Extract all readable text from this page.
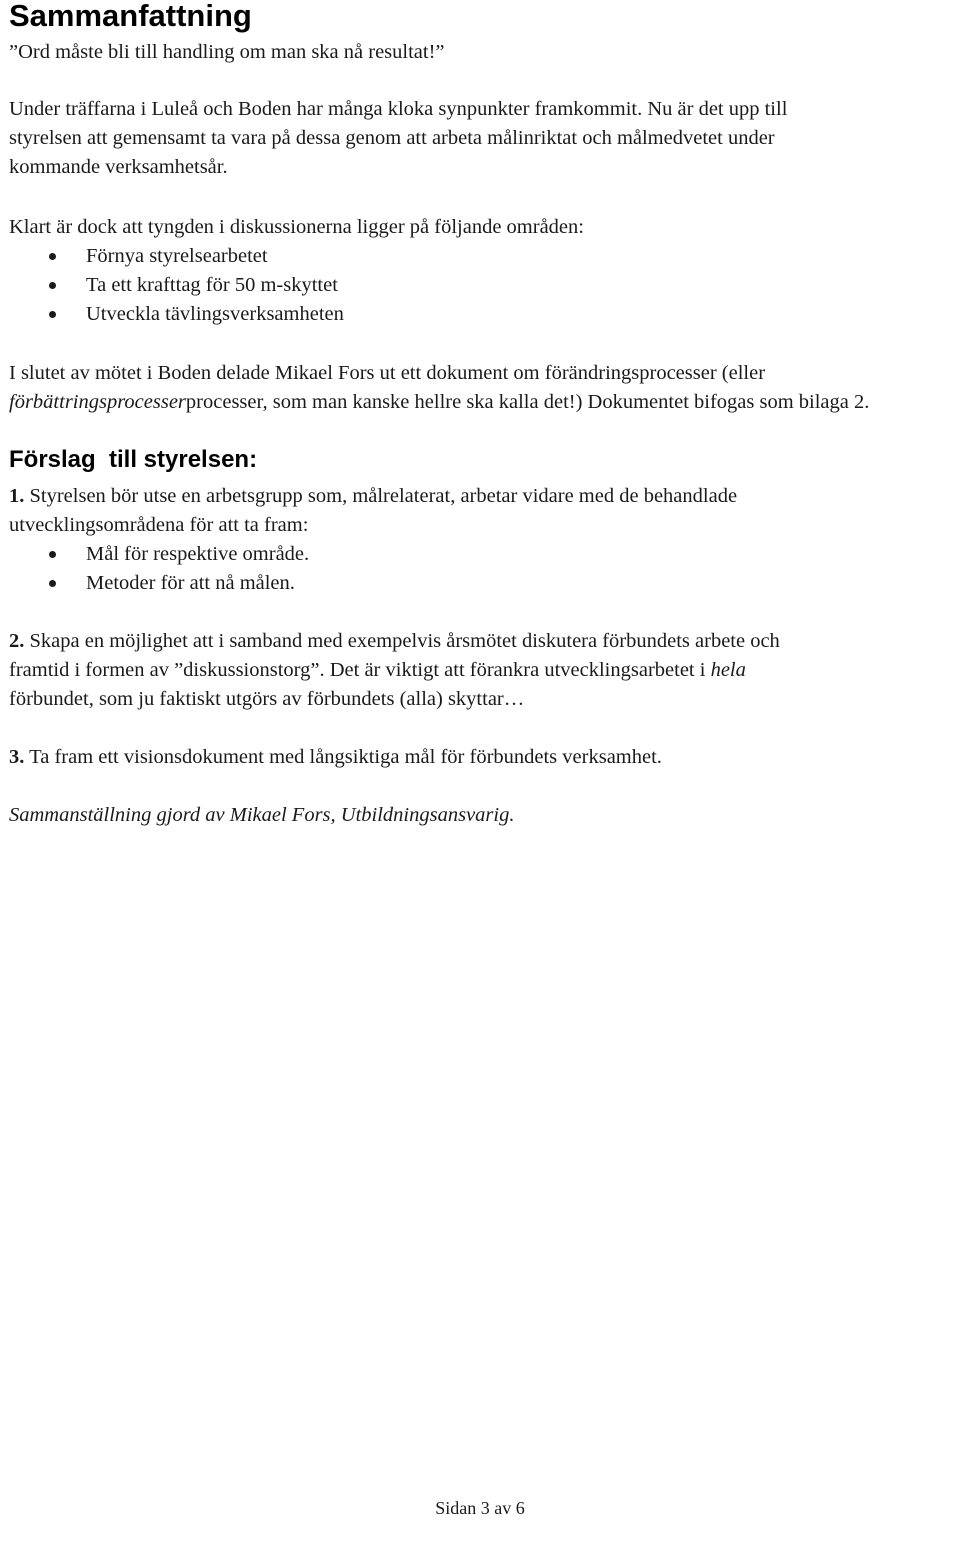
Sammanfattning

”Ord måste bli till handling om man ska nå resultat!”

Under träffarna i Luleå och Boden har många kloka synpunkter framkommit. Nu är det upp till
styrelsen att gemensamt ta vara på dessa genom att arbeta målinriktat och målmedvetet under
kommande verksamhetsår.

Klart är dock att tyngden i diskussionerna ligger på följande områden:

Förnya styrelsearbetet
Ta ett krafttag för 50 m-skyttet
Utveckla tävlingsverksamheten

I slutet av mötet i Boden delade Mikael Fors ut ett dokument om förändringsprocesser (eller
förbättringsprocesserprocesser, som man kanske hellre ska kalla det!) Dokumentet bifogas som bilaga 2.

Förslag  till styrelsen:

1. Styrelsen bör utse en arbetsgrupp som, målrelaterat, arbetar vidare med de behandlade
utvecklingsområdena för att ta fram:

Mål för respektive område.
Metoder för att nå målen.

2. Skapa en möjlighet att i samband med exempelvis årsmötet diskutera förbundets arbete och
framtid i formen av ”diskussionstorg”. Det är viktigt att förankra utvecklingsarbetet i hela
förbundet, som ju faktiskt utgörs av förbundets (alla) skyttar…

3. Ta fram ett visionsdokument med långsiktiga mål för förbundets verksamhet.

Sammanställning gjord av Mikael Fors, Utbildningsansvarig.

Sidan 3 av 6
